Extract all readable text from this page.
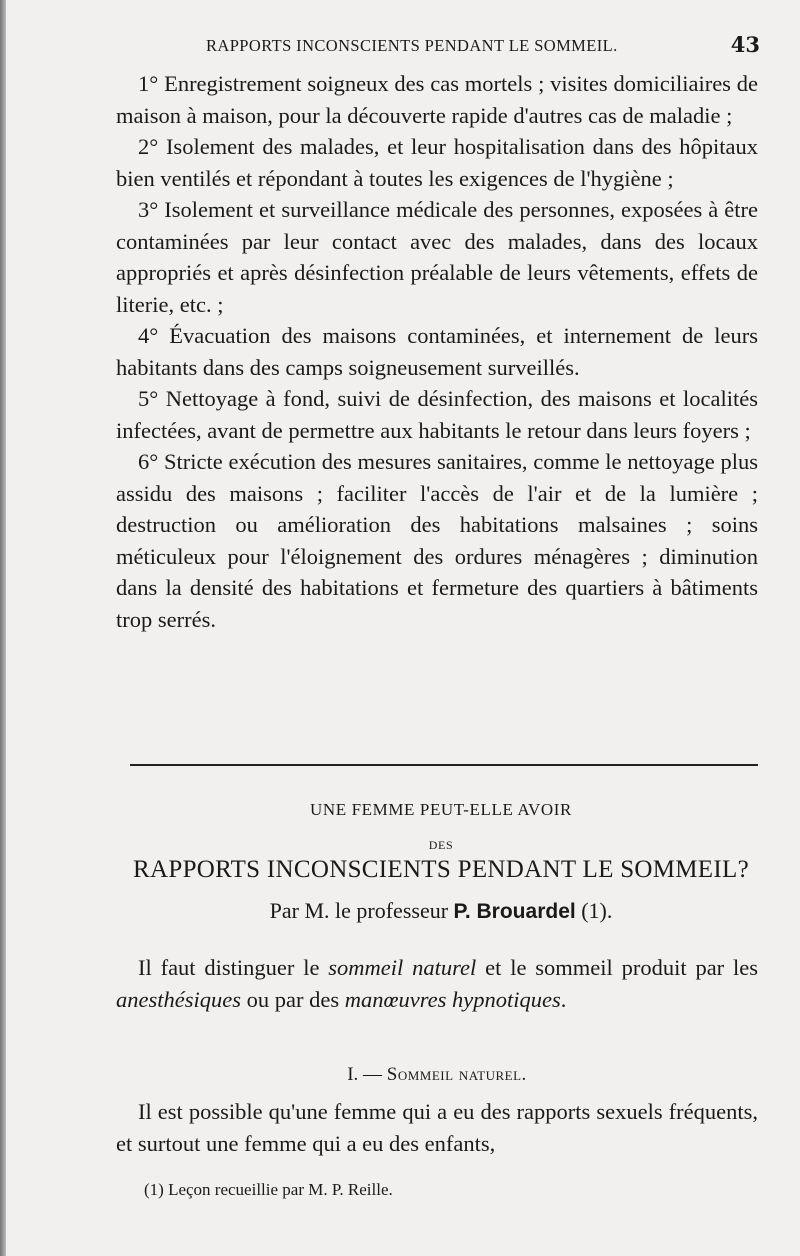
RAPPORTS INCONSCIENTS PENDANT LE SOMMEIL.	43

1° Enregistrement soigneux des cas mortels ; visites domiciliaires de maison à maison, pour la découverte rapide d'autres cas de maladie ;

2° Isolement des malades, et leur hospitalisation dans des hôpitaux bien ventilés et répondant à toutes les exigences de l'hygiène ;

3° Isolement et surveillance médicale des personnes, exposées à être contaminées par leur contact avec des malades, dans des locaux appropriés et après désinfection préalable de leurs vêtements, effets de literie, etc. ;

4° Évacuation des maisons contaminées, et internement de leurs habitants dans des camps soigneusement surveillés.

5° Nettoyage à fond, suivi de désinfection, des maisons et localités infectées, avant de permettre aux habitants le retour dans leurs foyers ;

6° Stricte exécution des mesures sanitaires, comme le nettoyage plus assidu des maisons ; faciliter l'accès de l'air et de la lumière ; destruction ou amélioration des habitations malsaines ; soins méticuleux pour l'éloignement des ordures ménagères ; diminution dans la densité des habitations et fermeture des quartiers à bâtiments trop serrés.

UNE FEMME PEUT-ELLE AVOIR
DES
RAPPORTS INCONSCIENTS PENDANT LE SOMMEIL?
Par M. le professeur P. Brouardel (1).

Il faut distinguer le sommeil naturel et le sommeil produit par les anesthésiques ou par des manœuvres hypnotiques.

I. — Sommeil naturel.

Il est possible qu'une femme qui a eu des rapports sexuels fréquents, et surtout une femme qui a eu des enfants,

(1) Leçon recueillie par M. P. Reille.
